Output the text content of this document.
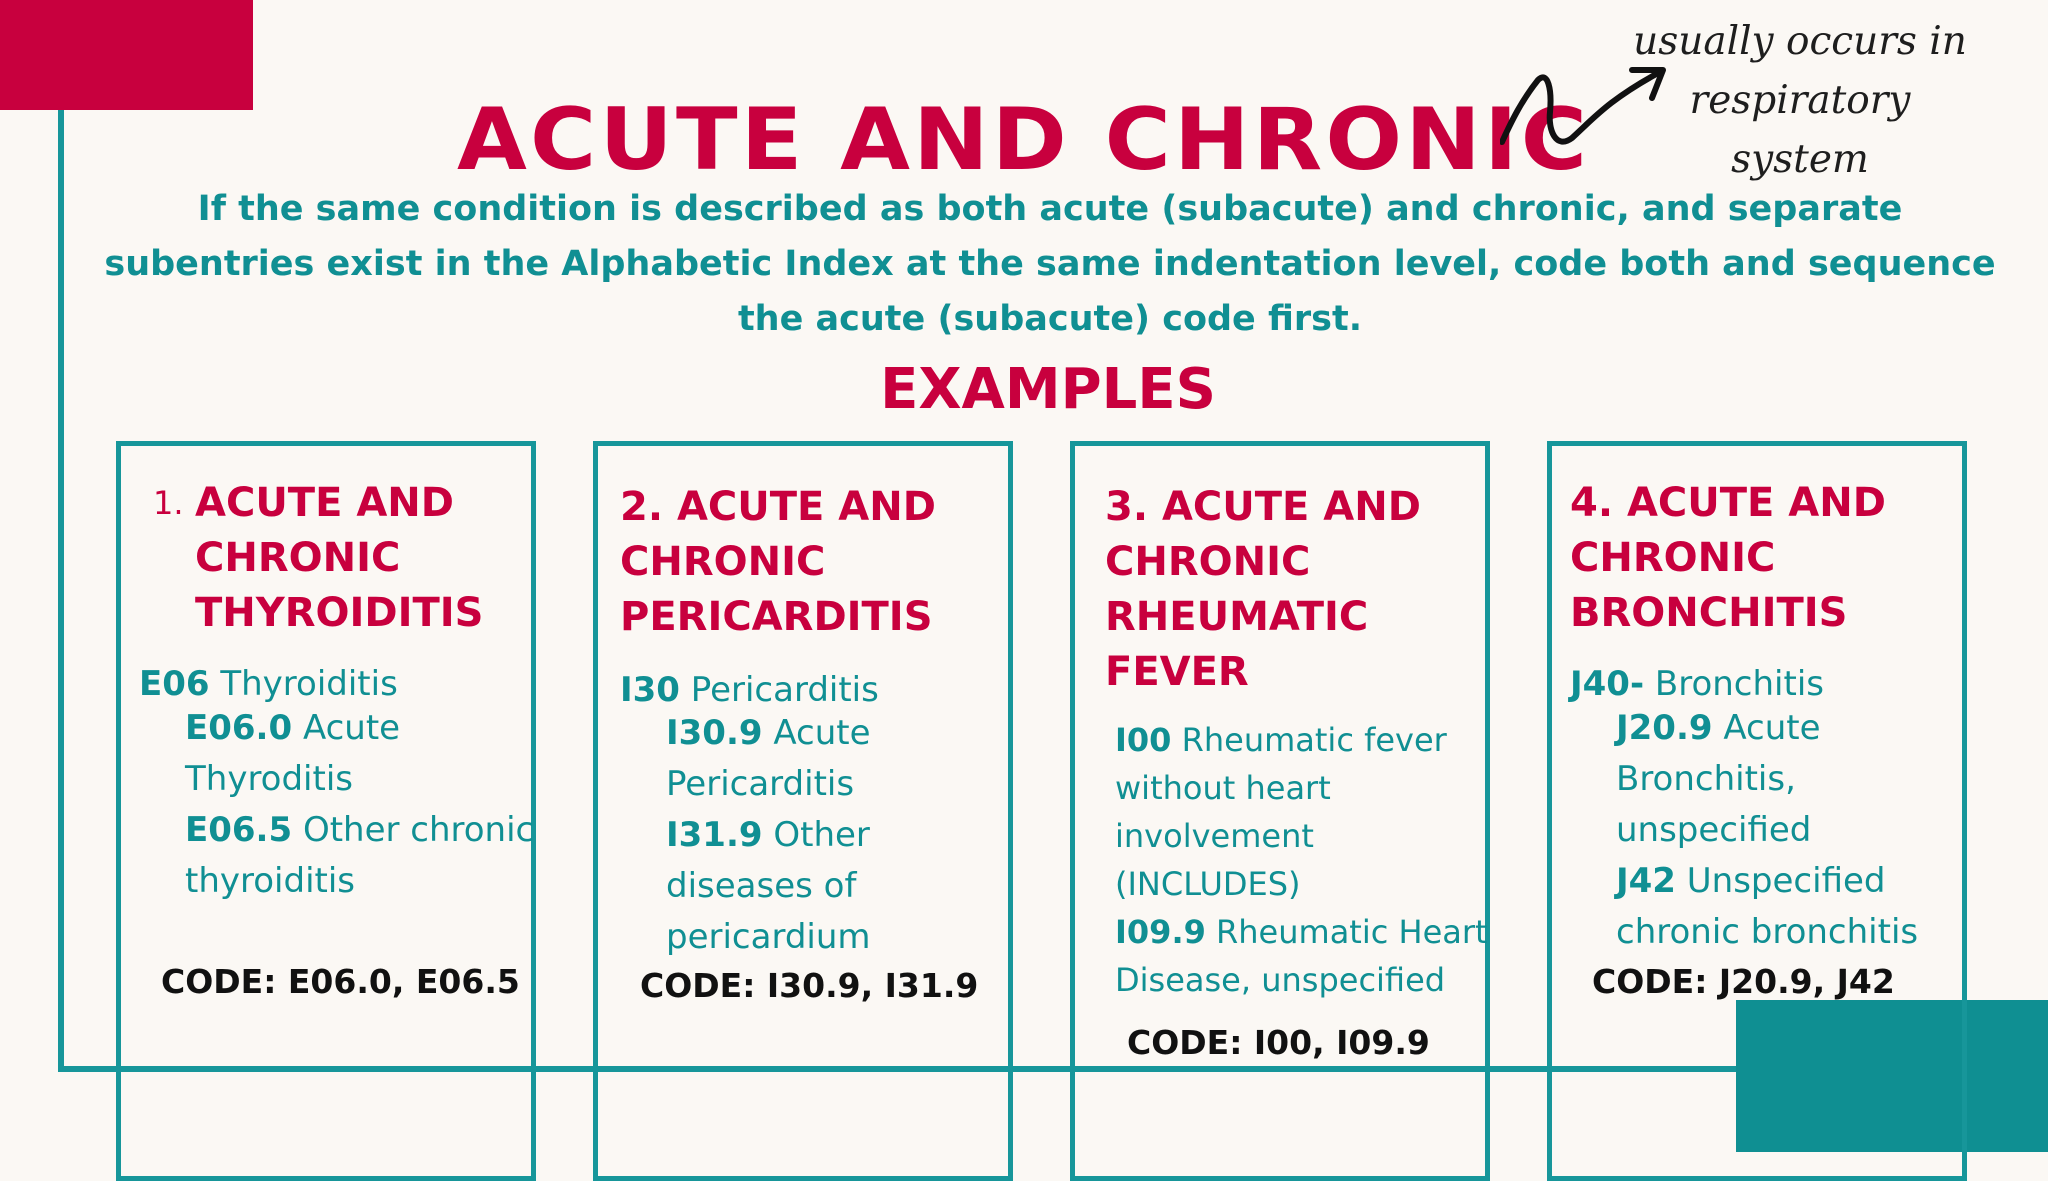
ACUTE AND CHRONIC
usually occurs in
respiratory
system
If the same condition is described as both acute (subacute) and chronic, and separate subentries exist in the Alphabetic Index at the same indentation level, code both and sequence the acute (subacute) code first.
EXAMPLES
1. ACUTE AND
CHRONIC
THYROIDITIS
E06 Thyroiditis
E06.0 Acute Thyroditis
E06.5 Other chronic thyroiditis
CODE: E06.0, E06.5
2. ACUTE AND
CHRONIC
PERICARDITIS
I30 Pericarditis
I30.9 Acute Pericarditis
I31.9 Other diseases of pericardium
CODE: I30.9, I31.9
3. ACUTE AND
CHRONIC
RHEUMATIC
FEVER
I00 Rheumatic fever without heart involvement (INCLUDES)
I09.9 Rheumatic Heart Disease, unspecified
CODE: I00, I09.9
4. ACUTE AND
CHRONIC
BRONCHITIS
J40- Bronchitis
J20.9 Acute Bronchitis, unspecified
J42 Unspecified chronic bronchitis
CODE: J20.9, J42
